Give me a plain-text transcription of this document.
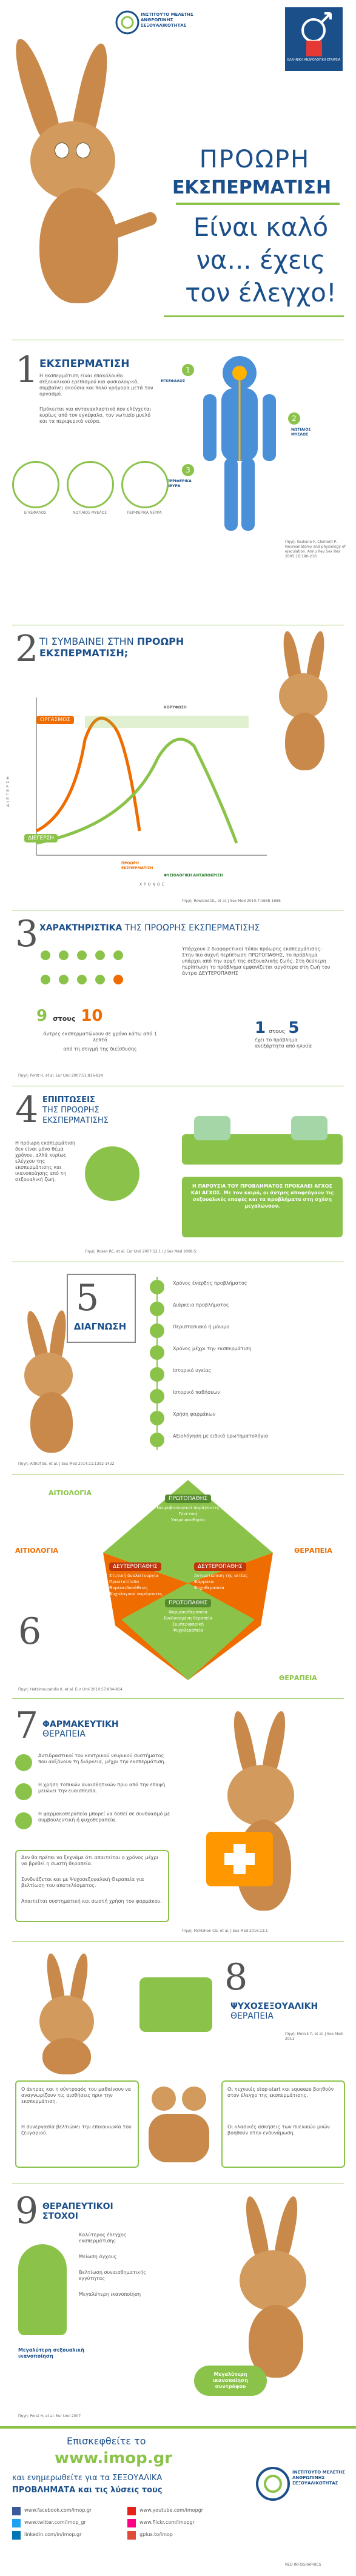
ΙΝΣΤΙΤΟΥΤΟ ΜΕΛΕΤΗΣ ΑΝΘΡΩΠΙΝΗΣ ΣΕΞΟΥΑΛΙΚΟΤΗΤΑΣ
ΕΛΛΗΝΙΚΗ ΑΝΔΡΟΛΟΓΙΚΗ ΕΤΑΙΡΕΙΑ
ΠΡΟΩΡΗ
ΕΚΣΠΕΡΜΑΤΙΣΗ
Είναι καλό
να... έχεις
τον έλεγχο!
1 ΕΚΣΠΕΡΜΑΤΙΣΗ
Η εκσπερμάτιση είναι επακόλουθο σεξουαλικού ερεθισμού και φυσιολογικά, συμβαίνει ακούσια και πολύ γρήγορα μετά τον οργασμό.
Πρόκειται για αντανακλαστικό που ελέγχεται κυρίως από τον εγκέφαλο, τον νωτιαίο μυελό και τα περιφερικά νεύρα.
1
ΕΓΚΕΦΑΛΟΣ
2
ΝΩΤΙΑΙΟΣ ΜΥΕΛΟΣ
3
ΠΕΡΙΦΕΡΙΚΑ ΝΕΥΡΑ
ΕΓΚΕΦΑΛΟΣ	ΝΩΤΙΑΙΟΣ ΜΥΕΛΟΣ	ΠΕΡΙΦΕΡΙΚΑ ΝΕΥΡΑ
Πηγή: Giuliano F, Clement P. Neuroanatomy and physiology of ejaculation. Annu Rev Sex Res 2005;16:190-216
2 ΤΙ ΣΥΜΒΑΙΝΕΙ ΣΤΗΝ ΠΡΟΩΡΗ
ΕΚΣΠΕΡΜΑΤΙΣΗ;
ΟΡΓΑΣΜΟΣ
ΚΟΡΥΦΩΣΗ
ΔΙΕΓΕΡΣΗ
ΠΡΟΩΡΗ ΕΚΣΠΕΡΜΑΤΙΣΗ
ΦΥΣΙΟΛΟΓΙΚΗ ΑΝΤΑΠΟΚΡΙΣΗ
ΧΡΟΝΟΣ
ΔΙΕΓΕΡΣΗ
Πηγή: Rowland DL, et al. J Sex Med 2010;7:1668-1686
3 ΧΑΡΑΚΤΗΡΙΣΤΙΚΑ ΤΗΣ ΠΡΟΩΡΗΣ ΕΚΣΠΕΡΜΑΤΙΣΗΣ
9 στους 10
άντρες εκσπερματώνουν σε χρόνο κάτω από 1 λεπτό
από τη στιγμή της διείσδυσης
Υπάρχουν 2 διαφορετικοί τύποι πρόωρης εκσπερμάτισης: Στην πιο συχνή περίπτωση ΠΡΩΤΟΠΑΘΗΣ, το πρόβλημα υπάρχει από την αρχή της σεξουαλικής ζωής. Στη δεύτερη περίπτωση το πρόβλημα εμφανίζεται αργότερα στη ζωή του άντρα ΔΕΥΤΕΡΟΠΑΘΗΣ
1 στους 5
έχει το πρόβλημα ανεξάρτητα από ηλικία
Πηγή: Porst H, et al. Eur Urol 2007;51:816-824
4 ΕΠΙΠΤΩΣΕΙΣ
ΤΗΣ ΠΡΟΩΡΗΣ
ΕΚΣΠΕΡΜΑΤΙΣΗΣ
Η πρόωρη εκσπερμάτιση δεν είναι μόνο θέμα χρόνου, αλλά κυρίως ελέγχου της εκσπερμάτισης και ικανοποίησης από τη σεξουαλική ζωή.
Η ΠΑΡΟΥΣΙΑ ΤΟΥ ΠΡΟΒΛΗΜΑΤΟΣ ΠΡΟΚΑΛΕΙ ΑΓΧΟΣ ΚΑΙ ΑΓΧΟΣ. Με τον καιρό, οι άντρες αποφεύγουν τις σεξουαλικές επαφές και τα προβλήματα στη σχέση μεγαλώνουν.
Πηγή: Rosen RC, et al. Eur Urol 2007;52:1 / J Sex Med 2008;5:
5
ΔΙΑΓΝΩΣΗ
Χρόνος έναρξης προβλήματος
Διάρκεια προβλήματος
Περιστασιακό ή μόνιμο
Χρόνος μέχρι την εκσπερμάτιση
Ιστορικό υγείας
Ιστορικό παθήσεων
Χρήση φαρμάκων
Αξιολόγηση με ειδικά ερωτηματολόγια
Πηγή: Althof SE, et al. J Sex Med 2014;11:1392-1422
ΑΙΤΙΟΛΟΓΙΑ
ΑΙΤΙΟΛΟΓΙΑ	ΘΕΡΑΠΕΙΑ
ΘΕΡΑΠΕΙΑ
6
ΠΡΩΤΟΠΑΘΗΣ
Νευροβιολογικοί παράγοντες
Γενετική
Υπερευαισθησία
ΔΕΥΤΕΡΟΠΑΘΗΣ
Στυτική δυσλειτουργία
Προστατίτιδα
Θυρεοειδοπάθειες
Ψυχολογικοί παράγοντες
ΔΕΥΤΕΡΟΠΑΘΗΣ
Αντιμετώπιση της αιτίας
Φάρμακα
Ψυχοθεραπεία
ΠΡΩΤΟΠΑΘΗΣ
Φαρμακοθεραπεία
Συνδυασμένη θεραπεία
Συμπεριφορική
Ψυχοθεραπεία
Πηγή: Hatzimouratidis K, et al. Eur Urol 2010;57:804-814
7 ΦΑΡΜΑΚΕΥΤΙΚΗ
ΘΕΡΑΠΕΙΑ
Αντιδραστικοί του κεντρικού νευρικού συστήματος που αυξάνουν τη διάρκεια, μέχρι την εκσπερμάτιση.
Η χρήση τοπικών αναισθητικών πριν από την επαφή μειώνει την ευαισθησία.
Η φαρμακοθεραπεία μπορεί να δοθεί σε συνδυασμό με συμβουλευτική ή ψυχοθεραπεία.
Δεν θα πρέπει να ξεχνάμε ότι απαιτείται ο χρόνος μέχρι να βρεθεί η σωστή θεραπεία.
Συνδυάζεται και με Ψυχοσεξουαλική Θεραπεία για βελτίωση του αποτελέσματος.
Απαιτείται συστηματική και σωστή χρήση του φαρμάκου.
Πηγή: McMahon CG, et al. J Sex Med 2016;13:1
8
ΨΥΧΟΣΕΞΟΥΑΛΙΚΗ
ΘΕΡΑΠΕΙΑ
Πηγή: Melnik T, et al. J Sex Med 2011
Ο άντρας και η σύντροφός του μαθαίνουν να αναγνωρίζουν τις αισθήσεις πριν την εκσπερμάτιση.
Η συνεργασία βελτιώνει την επικοινωνία του ζευγαριού.
Οι τεχνικές stop-start και squeeze βοηθούν στον έλεγχο της εκσπερμάτισης.
Οι κλασικές ασκήσεις των πυελικών μυών βοηθούν στην ενδυνάμωση.
9 ΘΕΡΑΠΕΥΤΙΚΟΙ
ΣΤΟΧΟΙ
Καλύτερος έλεγχος εκσπερμάτισης
Μείωση άγχους
Βελτίωση συναισθηματικής εγγύτητας
Μεγαλύτερη ικανοποίηση
Μεγαλύτερη σεξουαλική ικανοποίηση
Μεγαλύτερη ικανοποίηση συντρόφου
Πηγή: Porst H, et al. Eur Urol 2007
Επισκεφθείτε το
www.imop.gr
και ενημερωθείτε για τα ΣΕΞΟΥΑΛΙΚΑ
ΠΡΟΒΛΗΜΑΤΑ και τις λύσεις τους
www.facebook.com/imop.gr
www.twitter.com/imop_gr
linkedin.com/in/imop.gr
www.youtube.com/imopgr
www.flickr.com/imopgr
gplus.to/imop
ΙΝΣΤΙΤΟΥΤΟ ΜΕΛΕΤΗΣ ΑΝΘΡΩΠΙΝΗΣ ΣΕΞΟΥΑΛΙΚΟΤΗΤΑΣ
RED INFOGRAPHICS
